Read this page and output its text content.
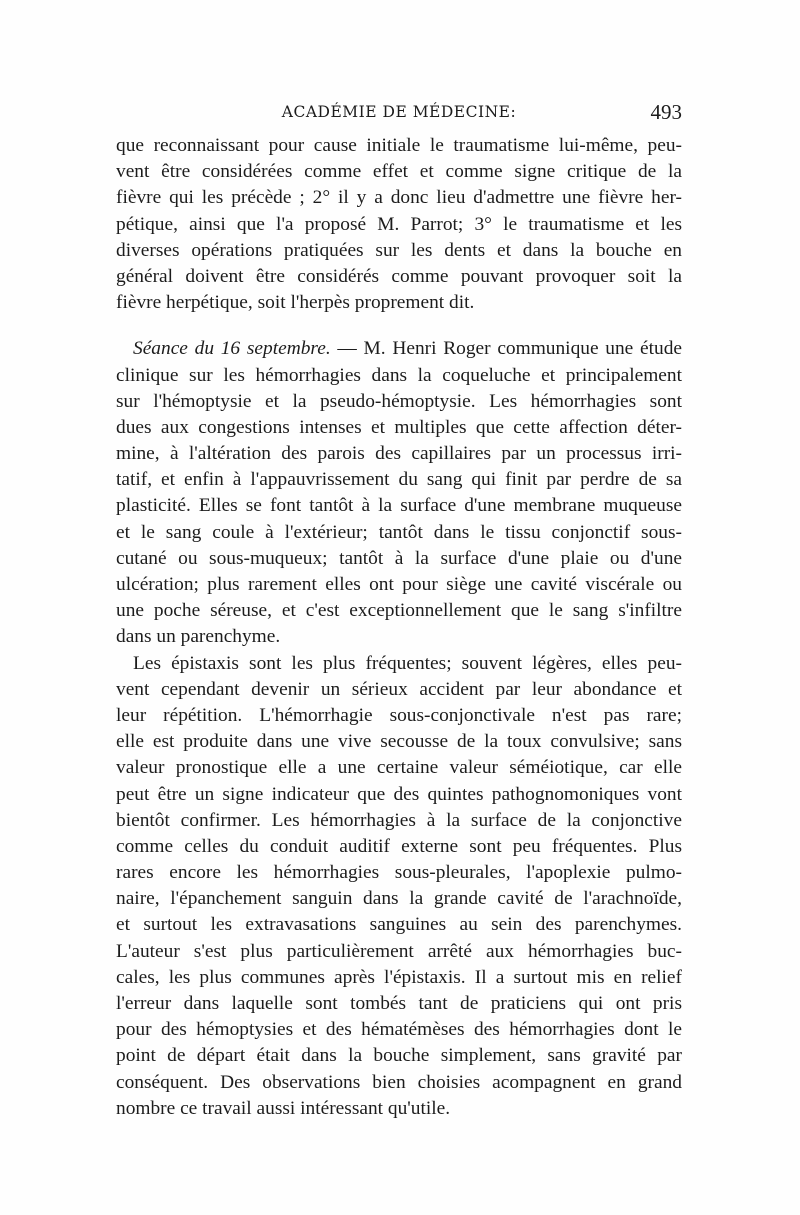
ACADÉMIE DE MÉDECINE:	493
que reconnaissant pour cause initiale le traumatisme lui-même, peu-
vent être considérées comme effet et comme signe critique de la
fièvre qui les précède ; 2° il y a donc lieu d'admettre une fièvre her-
pétique, ainsi que l'a proposé M. Parrot; 3° le traumatisme et les
diverses opérations pratiquées sur les dents et dans la bouche en
général doivent être considérés comme pouvant provoquer soit la
fièvre herpétique, soit l'herpès proprement dit.
Séance du 16 septembre. — M. Henri Roger communique une étude
clinique sur les hémorrhagies dans la coqueluche et principalement
sur l'hémoptysie et la pseudo-hémoptysie. Les hémorrhagies sont
dues aux congestions intenses et multiples que cette affection déter-
mine, à l'altération des parois des capillaires par un processus irri-
tatif, et enfin à l'appauvrissement du sang qui finit par perdre de sa
plasticité. Elles se font tantôt à la surface d'une membrane muqueuse
et le sang coule à l'extérieur; tantôt dans le tissu conjonctif sous-
cutané ou sous-muqueux; tantôt à la surface d'une plaie ou d'une
ulcération; plus rarement elles ont pour siège une cavité viscérale ou
une poche séreuse, et c'est exceptionnellement que le sang s'infiltre
dans un parenchyme.
Les épistaxis sont les plus fréquentes; souvent légères, elles peu-
vent cependant devenir un sérieux accident par leur abondance et
leur répétition. L'hémorrhagie sous-conjonctivale n'est pas rare;
elle est produite dans une vive secousse de la toux convulsive; sans
valeur pronostique elle a une certaine valeur séméiotique, car elle
peut être un signe indicateur que des quintes pathognomoniques vont
bientôt confirmer. Les hémorrhagies à la surface de la conjonctive
comme celles du conduit auditif externe sont peu fréquentes. Plus
rares encore les hémorrhagies sous-pleurales, l'apoplexie pulmo-
naire, l'épanchement sanguin dans la grande cavité de l'arachnoïde,
et surtout les extravasations sanguines au sein des parenchymes.
L'auteur s'est plus particulièrement arrêté aux hémorrhagies buc-
cales, les plus communes après l'épistaxis. Il a surtout mis en relief
l'erreur dans laquelle sont tombés tant de praticiens qui ont pris
pour des hémoptysies et des hématémèses des hémorrhagies dont le
point de départ était dans la bouche simplement, sans gravité par
conséquent. Des observations bien choisies acompagnent en grand
nombre ce travail aussi intéressant qu'utile.
